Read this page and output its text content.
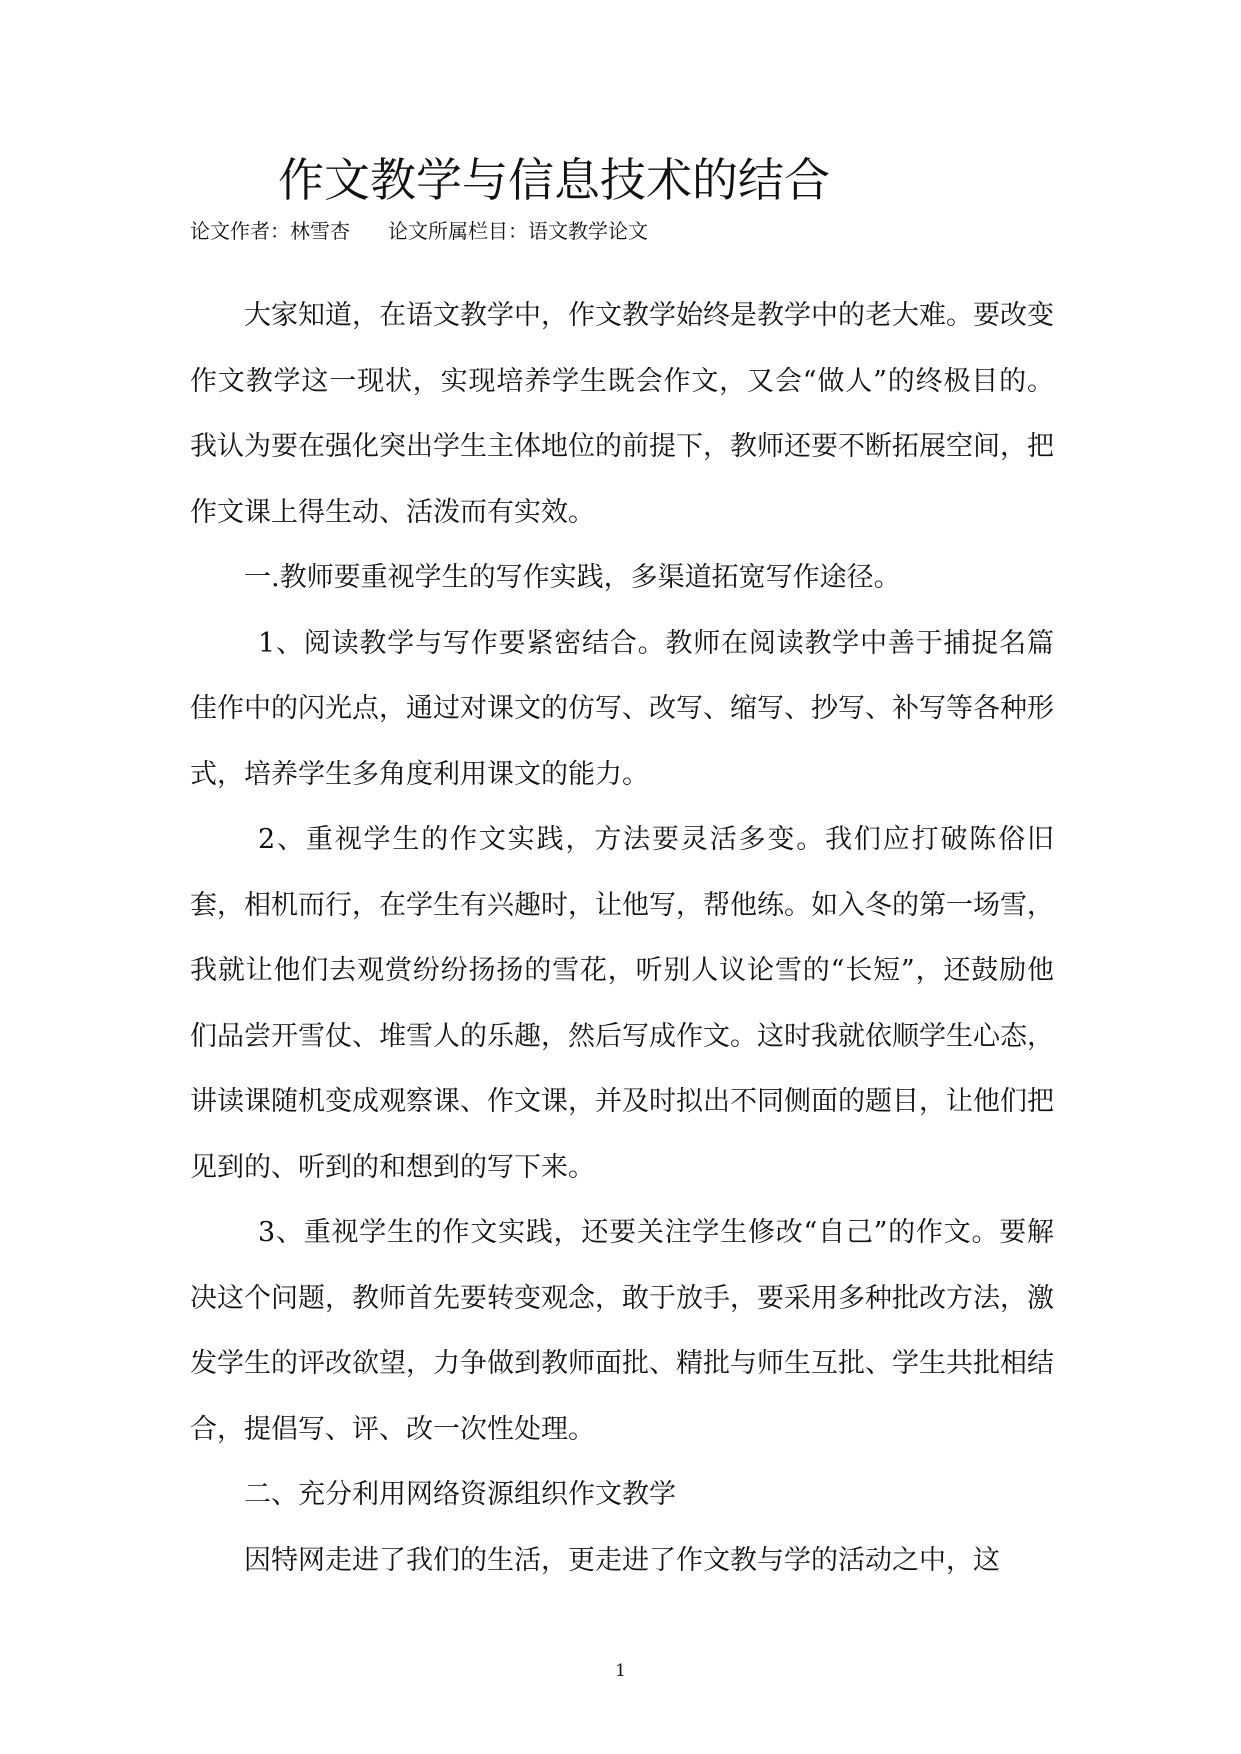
作文教学与信息技术的结合
论文作者：林雪杏 论文所属栏目：语文教学论文

大家知道，在语文教学中，作文教学始终是教学中的老大难。要改变作文教学这一现状，实现培养学生既会作文，又会“做人”的终极目的。我认为要在强化突出学生主体地位的前提下，教师还要不断拓展空间，把作文课上得生动、活泼而有实效。

一.教师要重视学生的写作实践，多渠道拓宽写作途径。

1、阅读教学与写作要紧密结合。教师在阅读教学中善于捕捉名篇佳作中的闪光点，通过对课文的仿写、改写、缩写、抄写、补写等各种形式，培养学生多角度利用课文的能力。

2、重视学生的作文实践，方法要灵活多变。我们应打破陈俗旧套，相机而行，在学生有兴趣时，让他写，帮他练。如入冬的第一场雪，我就让他们去观赏纷纷扬扬的雪花，听别人议论雪的“长短”，还鼓励他们品尝开雪仗、堆雪人的乐趣，然后写成作文。这时我就依顺学生心态，讲读课随机变成观察课、作文课，并及时拟出不同侧面的题目，让他们把见到的、听到的和想到的写下来。

3、重视学生的作文实践，还要关注学生修改“自己”的作文。要解决这个问题，教师首先要转变观念，敢于放手，要采用多种批改方法，激发学生的评改欲望，力争做到教师面批、精批与师生互批、学生共批相结合，提倡写、评、改一次性处理。

二、充分利用网络资源组织作文教学

因特网走进了我们的生活，更走进了作文教与学的活动之中，这

1
